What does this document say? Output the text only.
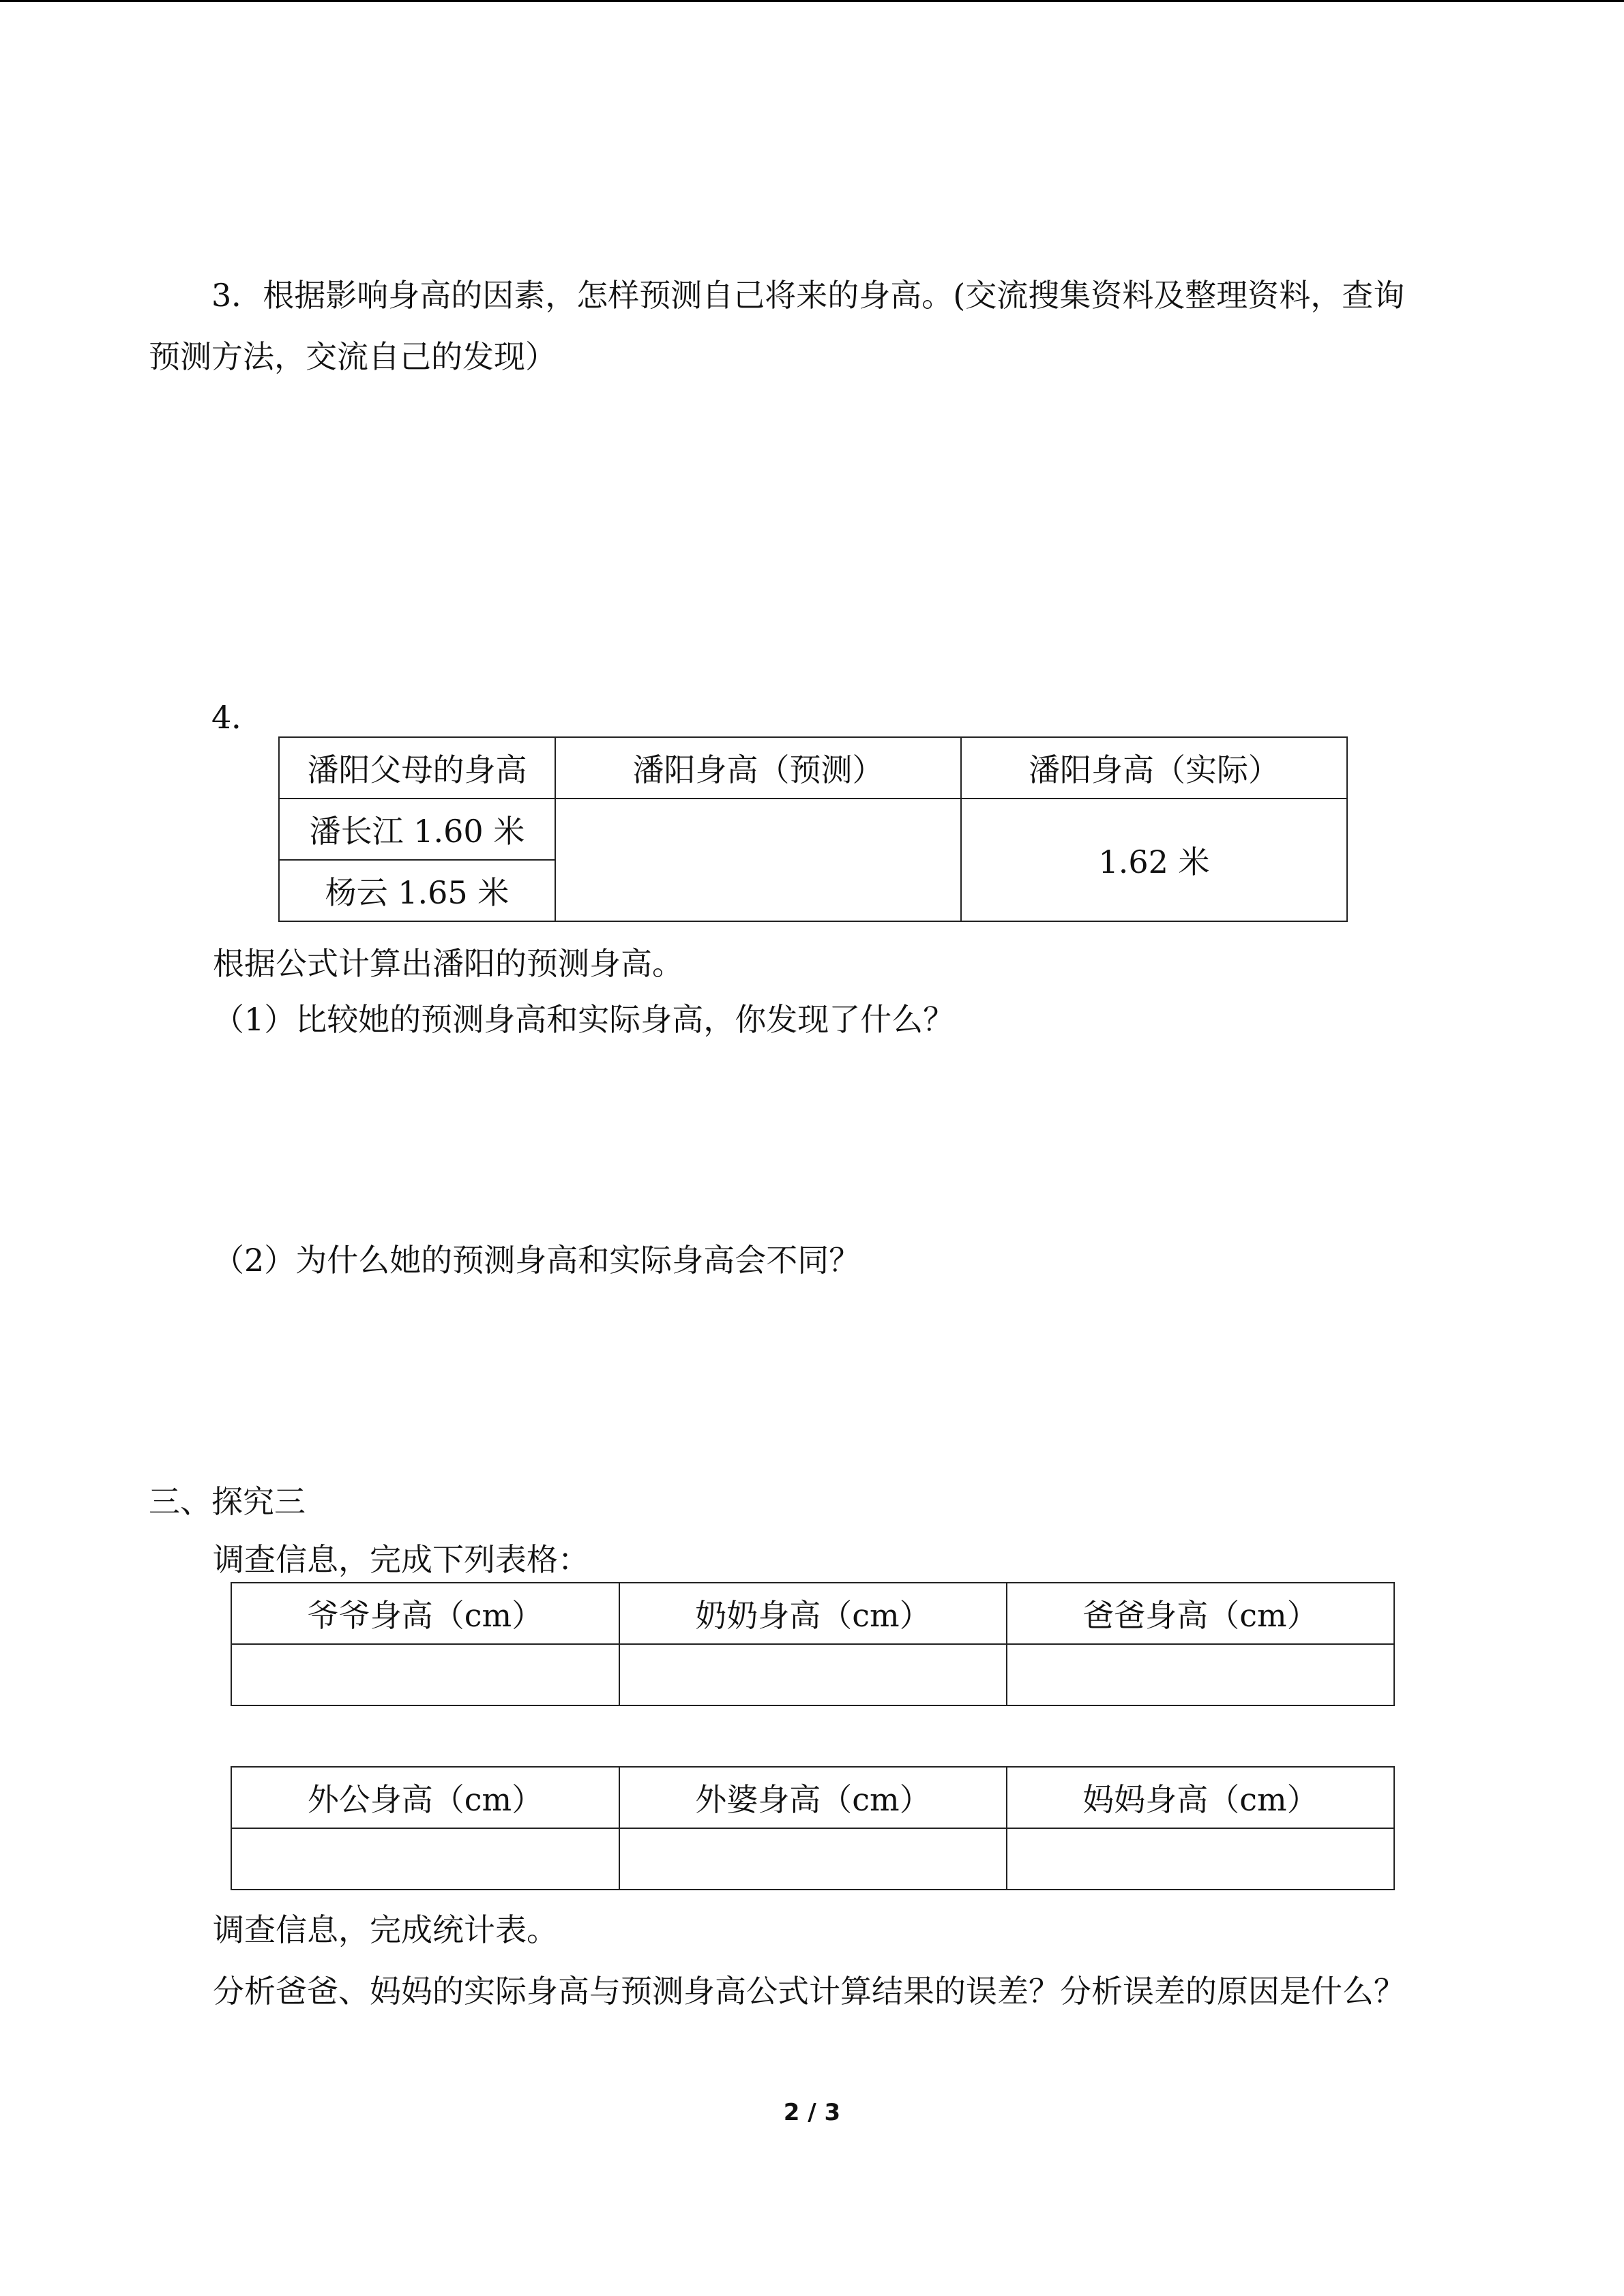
3．根据影响身高的因素，怎样预测自己将来的身高。(交流搜集资料及整理资料，查询

预测方法，交流自己的发现）

4．

潘阳父母的身高	潘阳身高（预测）	潘阳身高（实际）
潘长江 1.60 米		1.62 米
杨云 1.65 米		

根据公式计算出潘阳的预测身高。

（1）比较她的预测身高和实际身高，你发现了什么？

（2）为什么她的预测身高和实际身高会不同？

三、探究三

调查信息，完成下列表格：

爷爷身高（cm）	奶奶身高（cm）	爸爸身高（cm）

外公身高（cm）	外婆身高（cm）	妈妈身高（cm）

调查信息，完成统计表。

分析爸爸、妈妈的实际身高与预测身高公式计算结果的误差？分析误差的原因是什么？

2 / 3
